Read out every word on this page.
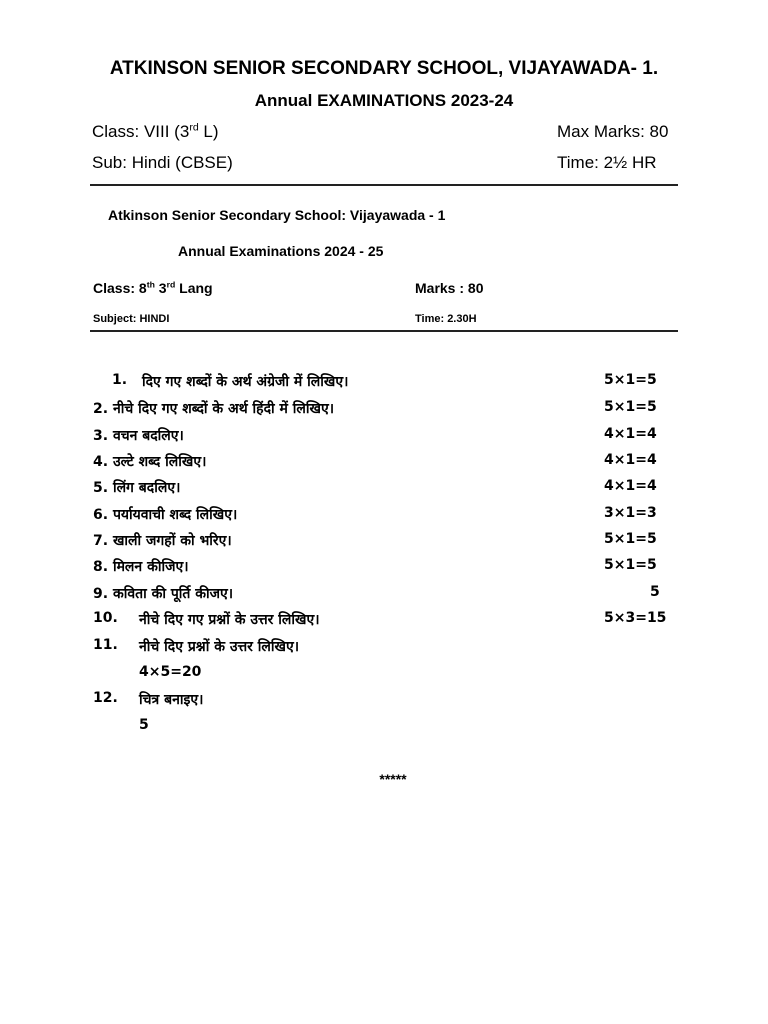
ATKINSON SENIOR SECONDARY SCHOOL, VIJAYAWADA- 1.
Annual EXAMINATIONS 2023-24
Class: VIII (3rd L)	Max Marks: 80
Sub: Hindi (CBSE)	Time: 2½ HR
Atkinson Senior Secondary School: Vijayawada - 1
Annual Examinations 2024 - 25
Class: 8th 3rd Lang	Marks : 80
Subject: HINDI	Time: 2.30H
1. दिए गए शब्दों के अर्थ अंग्रेजी में लिखिए।	5×1=5
2. नीचे दिए गए शब्दों के अर्थ हिंदी में लिखिए।	5×1=5
3. वचन बदलिए।	4×1=4
4. उल्टे शब्द लिखिए।	4×1=4
5. लिंग बदलिए।	4×1=4
6. पर्यायवाची शब्द लिखिए।	3×1=3
7. खाली जगहों को भरिए।	5×1=5
8. मिलन कीजिए।	5×1=5
9. कविता की पूर्ति कीजए।	5
10. नीचे दिए गए प्रश्नों के उत्तर लिखिए।	5×3=15
11. नीचे दिए प्रश्नों के उत्तर लिखिए।
4×5=20
12. चित्र बनाइए।
5
*****
